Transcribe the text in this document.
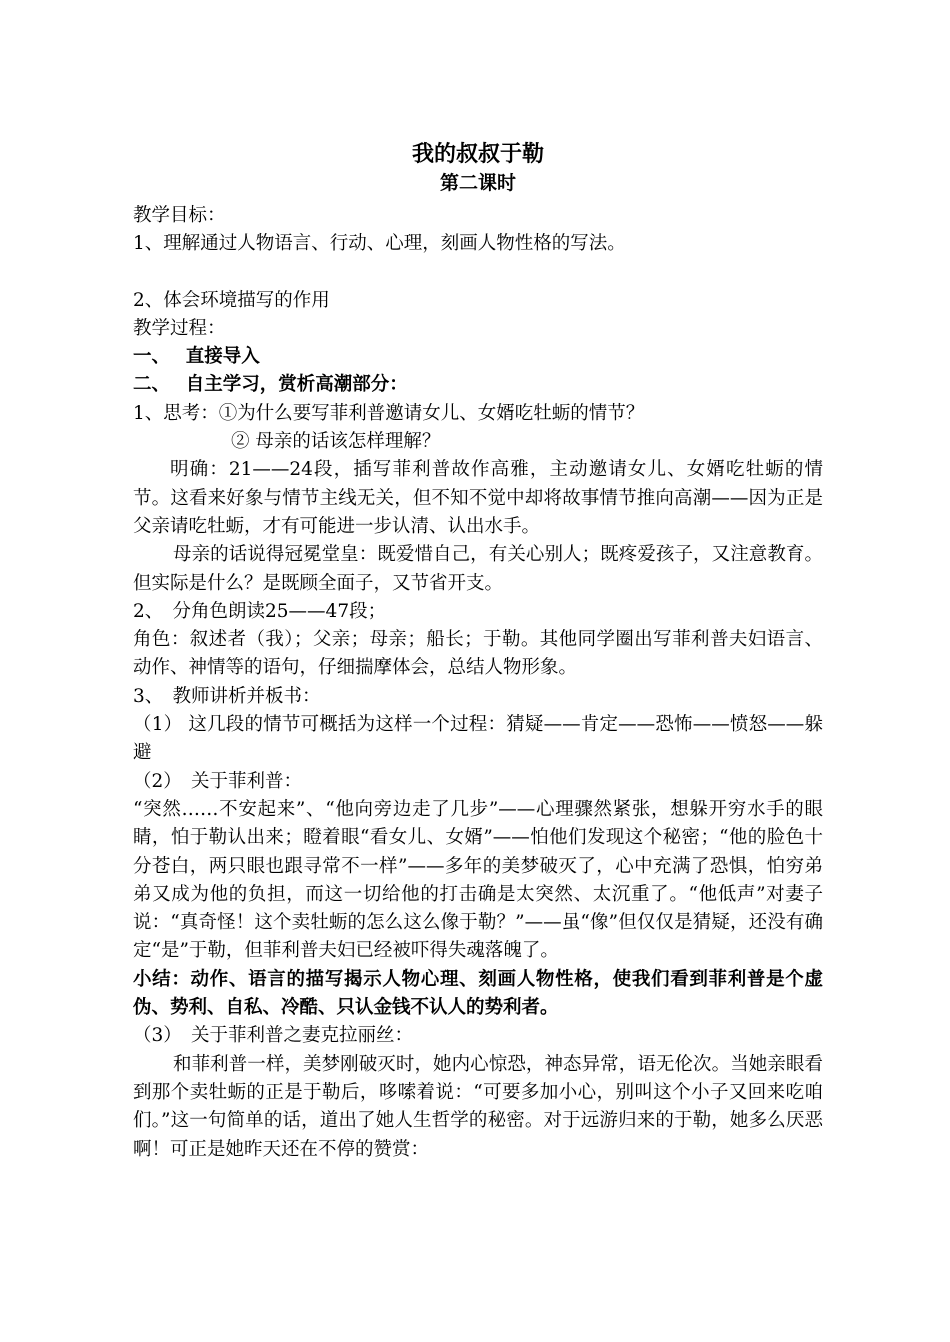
我的叔叔于勒
第二课时

教学目标：

1、理解通过人物语言、行动、心理，刻画人物性格的写法。

2、体会环境描写的作用

教学过程：

一、　 直接导入

二、　 自主学习，赏析高潮部分：

1、思考：①为什么要写菲利普邀请女儿、女婿吃牡蛎的情节？

② 母亲的话该怎样理解？

明确：21——24段，插写菲利普故作高雅，主动邀请女儿、女婿吃牡蛎的情节。这看来好象与情节主线无关，但不知不觉中却将故事情节推向高潮——因为正是父亲请吃牡蛎，才有可能进一步认清、认出水手。

母亲的话说得冠冕堂皇：既爱惜自己，有关心别人；既疼爱孩子，又注意教育。但实际是什么？是既顾全面子，又节省开支。

2、　分角色朗读25——47段；

角色：叙述者（我）；父亲；母亲；船长；于勒。其他同学圈出写菲利普夫妇语言、动作、神情等的语句，仔细揣摩体会，总结人物形象。

3、　教师讲析并板书：

（1） 这几段的情节可概括为这样一个过程：猜疑——肯定——恐怖——愤怒——躲避

（2）　关于菲利普：

“突然……不安起来”、“他向旁边走了几步”——心理骤然紧张，想躲开穷水手的眼睛，怕于勒认出来；瞪着眼“看女儿、女婿”——怕他们发现这个秘密；“他的脸色十分苍白，两只眼也跟寻常不一样”——多年的美梦破灭了，心中充满了恐惧，怕穷弟弟又成为他的负担，而这一切给他的打击确是太突然、太沉重了。“他低声”对妻子说：“真奇怪！这个卖牡蛎的怎么这么像于勒？”——虽“像”但仅仅是猜疑，还没有确定“是”于勒，但菲利普夫妇已经被吓得失魂落魄了。

小结：动作、语言的描写揭示人物心理、刻画人物性格，使我们看到菲利普是个虚伪、势利、自私、冷酷、只认金钱不认人的势利者。

（3）　关于菲利普之妻克拉丽丝：

和菲利普一样，美梦刚破灭时，她内心惊恐，神态异常，语无伦次。当她亲眼看到那个卖牡蛎的正是于勒后，哆嗦着说：“可要多加小心，别叫这个小子又回来吃咱们。”这一句简单的话，道出了她人生哲学的秘密。对于远游归来的于勒，她多么厌恶啊！可正是她昨天还在不停的赞赏：
